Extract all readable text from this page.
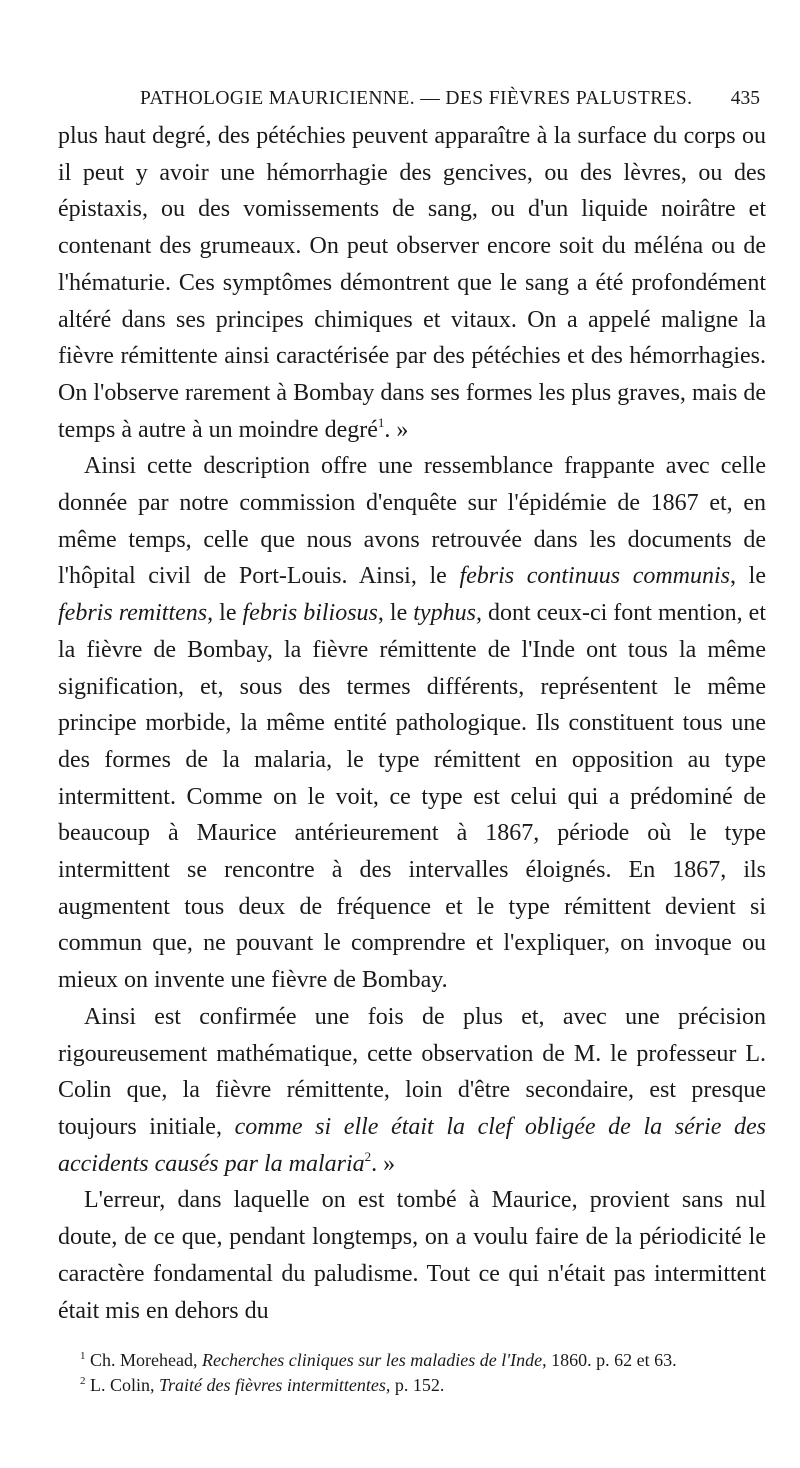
PATHOLOGIE MAURICIENNE. — DES FIÈVRES PALUSTRES. 435

plus haut degré, des pétéchies peuvent apparaître à la surface du corps ou il peut y avoir une hémorrhagie des gencives, ou des lèvres, ou des épistaxis, ou des vomissements de sang, ou d'un liquide noirâtre et contenant des grumeaux. On peut observer encore soit du méléna ou de l'hématurie. Ces symptômes démontrent que le sang a été profondément altéré dans ses principes chimiques et vitaux. On a appelé maligne la fièvre rémittente ainsi caractérisée par des pétéchies et des hémorrhagies. On l'observe rarement à Bombay dans ses formes les plus graves, mais de temps à autre à un moindre degré$^1$. »

Ainsi cette description offre une ressemblance frappante avec celle donnée par notre commission d'enquête sur l'épidémie de 1867 et, en même temps, celle que nous avons retrouvée dans les documents de l'hôpital civil de Port-Louis. Ainsi, le febris continuus communis, le febris remittens, le febris biliosus, le typhus, dont ceux-ci font mention, et la fièvre de Bombay, la fièvre rémittente de l'Inde ont tous la même signification, et, sous des termes différents, représentent le même principe morbide, la même entité pathologique. Ils constituent tous une des formes de la malaria, le type rémittent en opposition au type intermittent. Comme on le voit, ce type est celui qui a prédominé de beaucoup à Maurice antérieurement à 1867, période où le type intermittent se rencontre à des intervalles éloignés. En 1867, ils augmentent tous deux de fréquence et le type rémittent devient si commun que, ne pouvant le comprendre et l'expliquer, on invoque ou mieux on invente une fièvre de Bombay.

Ainsi est confirmée une fois de plus et, avec une précision rigoureusement mathématique, cette observation de M. le professeur L. Colin que, la fièvre rémittente, loin d'être secondaire, est presque toujours initiale, comme si elle était la clef obligée de la série des accidents causés par la malaria$^2$. »

L'erreur, dans laquelle on est tombé à Maurice, provient sans nul doute, de ce que, pendant longtemps, on a voulu faire de la périodicité le caractère fondamental du paludisme. Tout ce qui n'était pas intermittent était mis en dehors du

$^1$ Ch. Morehead, Recherches cliniques sur les maladies de l'Inde, 1860. p. 62 et 63.

$^2$ L. Colin, Traité des fièvres intermittentes, p. 152.
